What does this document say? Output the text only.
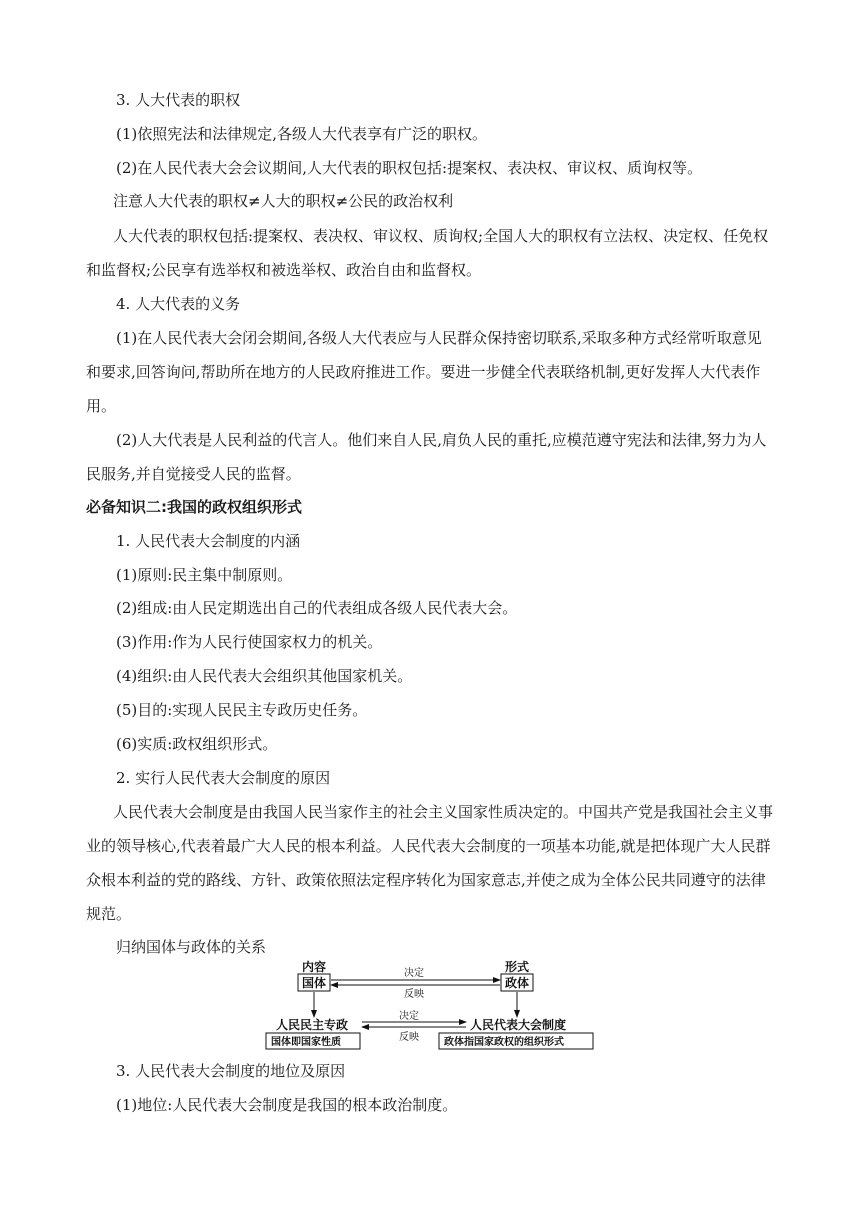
3. 人大代表的职权
(1)依照宪法和法律规定,各级人大代表享有广泛的职权。
(2)在人民代表大会会议期间,人大代表的职权包括:提案权、表决权、审议权、质询权等。
注意人大代表的职权≠人大的职权≠公民的政治权利
人大代表的职权包括:提案权、表决权、审议权、质询权;全国人大的职权有立法权、决定权、任免权
和监督权;公民享有选举权和被选举权、政治自由和监督权。
4. 人大代表的义务
(1)在人民代表大会闭会期间,各级人大代表应与人民群众保持密切联系,采取多种方式经常听取意见
和要求,回答询问,帮助所在地方的人民政府推进工作。要进一步健全代表联络机制,更好发挥人大代表作
用。
(2)人大代表是人民利益的代言人。他们来自人民,肩负人民的重托,应模范遵守宪法和法律,努力为人
民服务,并自觉接受人民的监督。
必备知识二:我国的政权组织形式
1. 人民代表大会制度的内涵
(1)原则:民主集中制原则。
(2)组成:由人民定期选出自己的代表组成各级人民代表大会。
(3)作用:作为人民行使国家权力的机关。
(4)组织:由人民代表大会组织其他国家机关。
(5)目的:实现人民民主专政历史任务。
(6)实质:政权组织形式。
2. 实行人民代表大会制度的原因
人民代表大会制度是由我国人民当家作主的社会主义国家性质决定的。中国共产党是我国社会主义事
业的领导核心,代表着最广大人民的根本利益。人民代表大会制度的一项基本功能,就是把体现广大人民群
众根本利益的党的路线、方针、政策依照法定程序转化为国家意志,并使之成为全体公民共同遵守的法律
规范。
归纳国体与政体的关系
3. 人民代表大会制度的地位及原因
(1)地位:人民代表大会制度是我国的根本政治制度。
内容	形式
国体	政体
决定
反映
人民民主专政	人民代表大会制度
决定
反映
国体即国家性质	政体指国家政权的组织形式
